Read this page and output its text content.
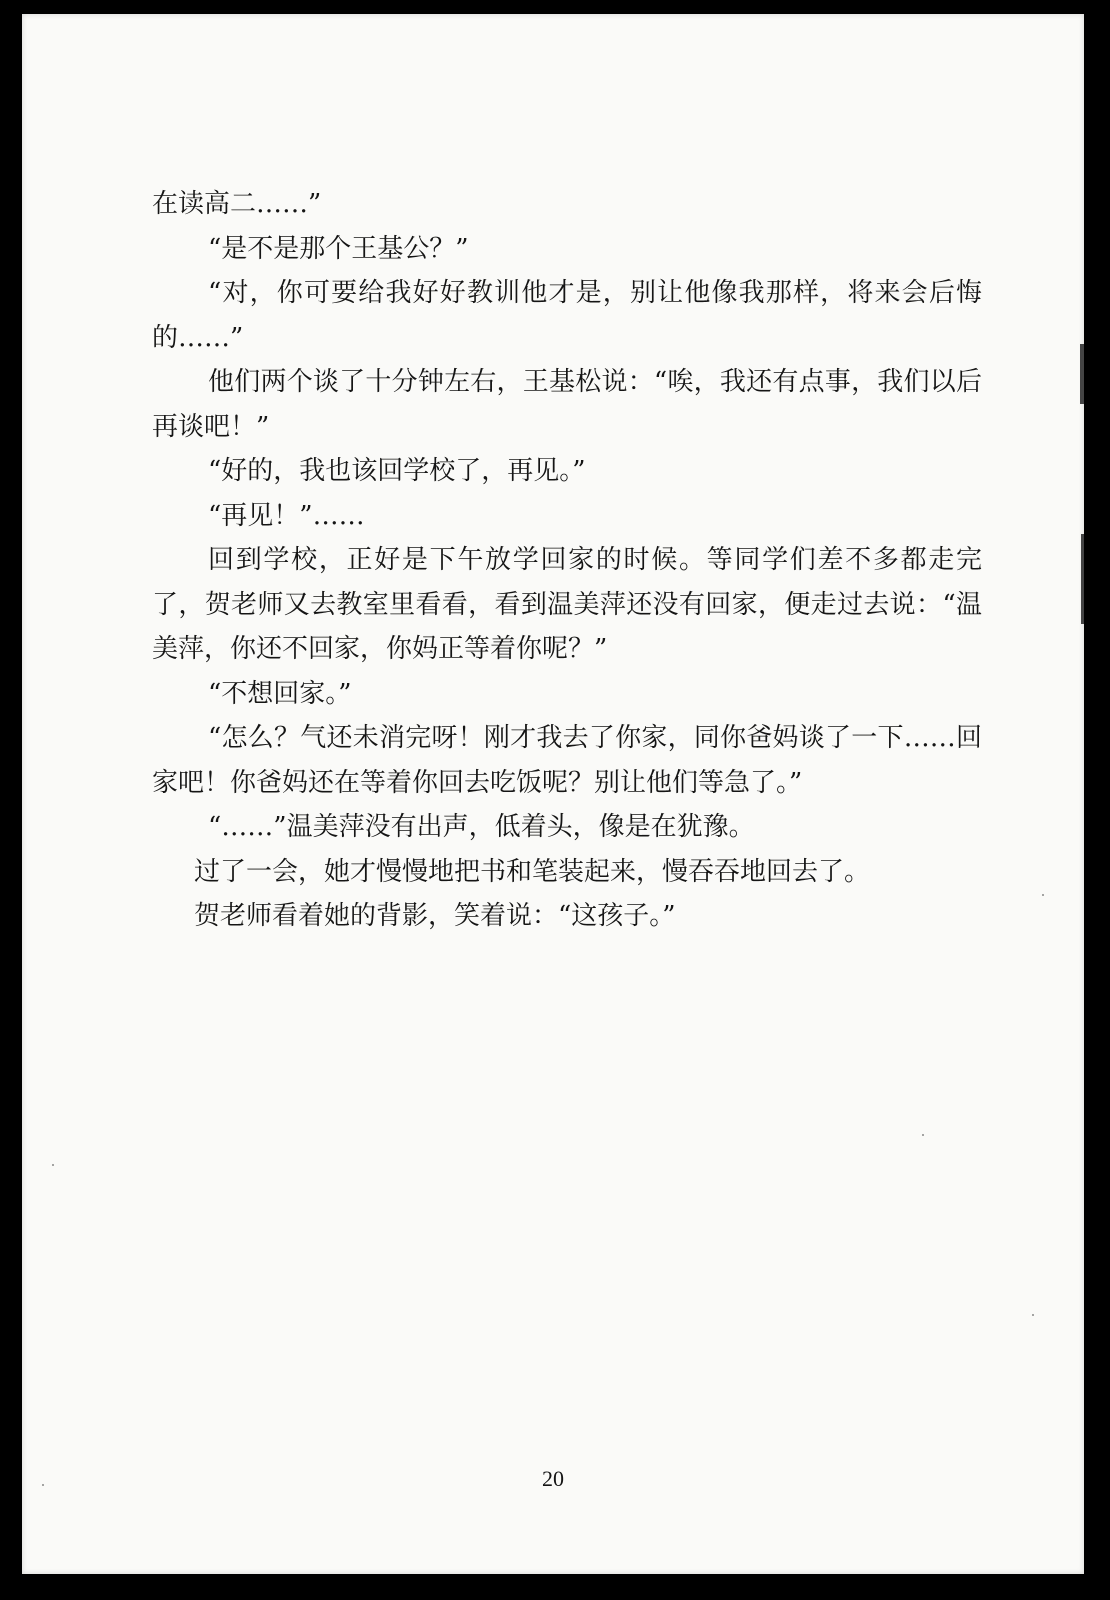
在读高二……”

“是不是那个王基公？”

“对，你可要给我好好教训他才是，别让他像我那样，将来会后悔的……”

他们两个谈了十分钟左右，王基松说：“唉，我还有点事，我们以后再谈吧！”

“好的，我也该回学校了，再见。”

“再见！”……

回到学校，正好是下午放学回家的时候。等同学们差不多都走完了，贺老师又去教室里看看，看到温美萍还没有回家，便走过去说：“温美萍，你还不回家，你妈正等着你呢？”

“不想回家。”

“怎么？气还未消完呀！刚才我去了你家，同你爸妈谈了一下……回家吧！你爸妈还在等着你回去吃饭呢？别让他们等急了。”

“……”温美萍没有出声，低着头，像是在犹豫。

过了一会，她才慢慢地把书和笔装起来，慢吞吞地回去了。

贺老师看着她的背影，笑着说：“这孩子。”

20
